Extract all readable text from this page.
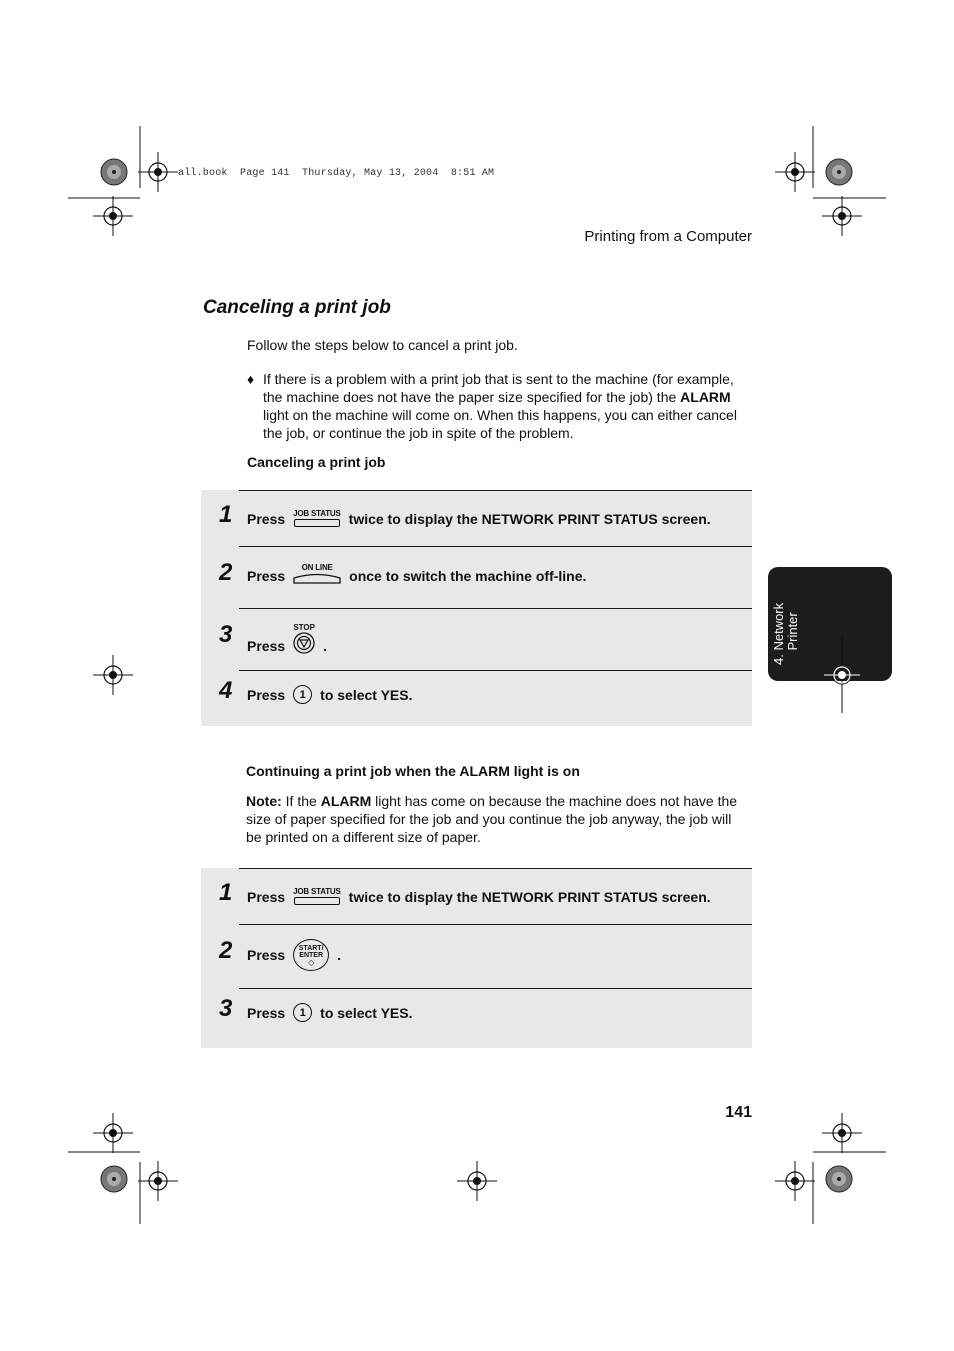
all.book  Page 141  Thursday, May 13, 2004  8:51 AM
Printing from a Computer
Canceling a print job
Follow the steps below to cancel a print job.
♦ If there is a problem with a print job that is sent to the machine (for example, the machine does not have the paper size specified for the job) the ALARM light on the machine will come on. When this happens, you can either cancel the job, or continue the job in spite of the problem.
Canceling a print job
1 Press JOB STATUS twice to display the NETWORK PRINT STATUS screen.
2 Press
ON LINE
once to switch the machine off-line.
3 Press
STOP
.
4 Press	1	to select YES.
Continuing a print job when the ALARM light is on
Note: If the ALARM light has come on because the machine does not have the size of paper specified for the job and you continue the job anyway, the job will be printed on a different size of paper.
1 Press JOB STATUS twice to display the NETWORK PRINT STATUS screen.
2 Press START/
ENTER
◇ .
3 Press	1	to select YES.
4. Network
Printer
141
